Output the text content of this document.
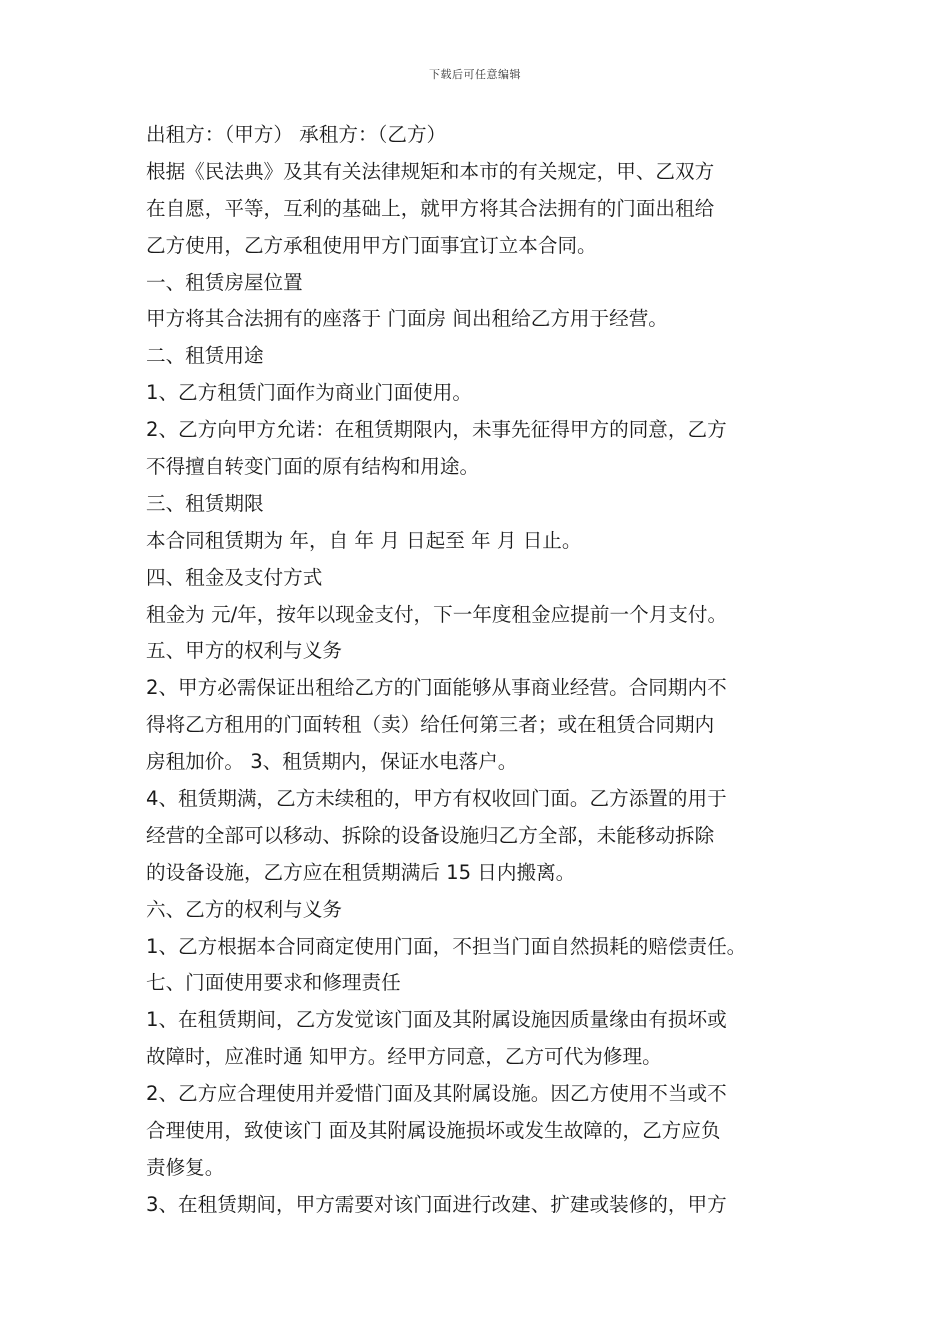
下载后可任意编辑
出租方：（甲方） 承租方：（乙方）
根据《民法典》及其有关法律规矩和本市的有关规定，甲、乙双方
在自愿，平等，互利的基础上，就甲方将其合法拥有的门面出租给
乙方使用，乙方承租使用甲方门面事宜订立本合同。
一、租赁房屋位置
甲方将其合法拥有的座落于 门面房 间出租给乙方用于经营。
二、租赁用途
1、乙方租赁门面作为商业门面使用。
2、乙方向甲方允诺：在租赁期限内，未事先征得甲方的同意，乙方
不得擅自转变门面的原有结构和用途。
三、租赁期限
本合同租赁期为 年，自 年 月 日起至 年 月 日止。
四、租金及支付方式
租金为 元/年，按年以现金支付，下一年度租金应提前一个月支付。
五、甲方的权利与义务
2、甲方必需保证出租给乙方的门面能够从事商业经营。合同期内不
得将乙方租用的门面转租（卖）给任何第三者；或在租赁合同期内
房租加价。 3、租赁期内，保证水电落户。
4、租赁期满，乙方未续租的，甲方有权收回门面。乙方添置的用于
经营的全部可以移动、拆除的设备设施归乙方全部，未能移动拆除
的设备设施，乙方应在租赁期满后 15 日内搬离。
六、乙方的权利与义务
1、乙方根据本合同商定使用门面，不担当门面自然损耗的赔偿责任。
七、门面使用要求和修理责任
1、在租赁期间，乙方发觉该门面及其附属设施因质量缘由有损坏或
故障时，应准时通 知甲方。经甲方同意，乙方可代为修理。
2、乙方应合理使用并爱惜门面及其附属设施。因乙方使用不当或不
合理使用，致使该门 面及其附属设施损坏或发生故障的，乙方应负
责修复。
3、在租赁期间，甲方需要对该门面进行改建、扩建或装修的，甲方
